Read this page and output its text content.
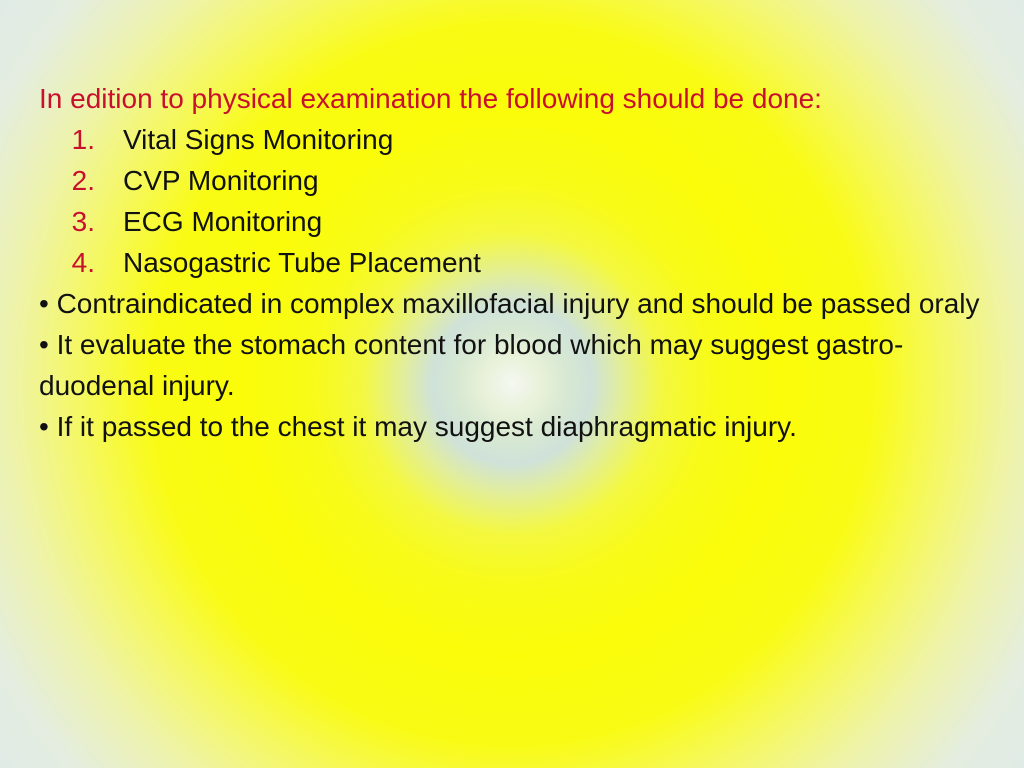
In edition to physical examination the following should be done:

1. Vital Signs Monitoring
2. CVP Monitoring
3. ECG Monitoring
4. Nasogastric Tube Placement

• Contraindicated in complex maxillofacial injury and should be passed oraly

• It evaluate the stomach content for blood which may suggest gastro- duodenal injury.

• If it passed to the chest it may suggest diaphragmatic injury.
